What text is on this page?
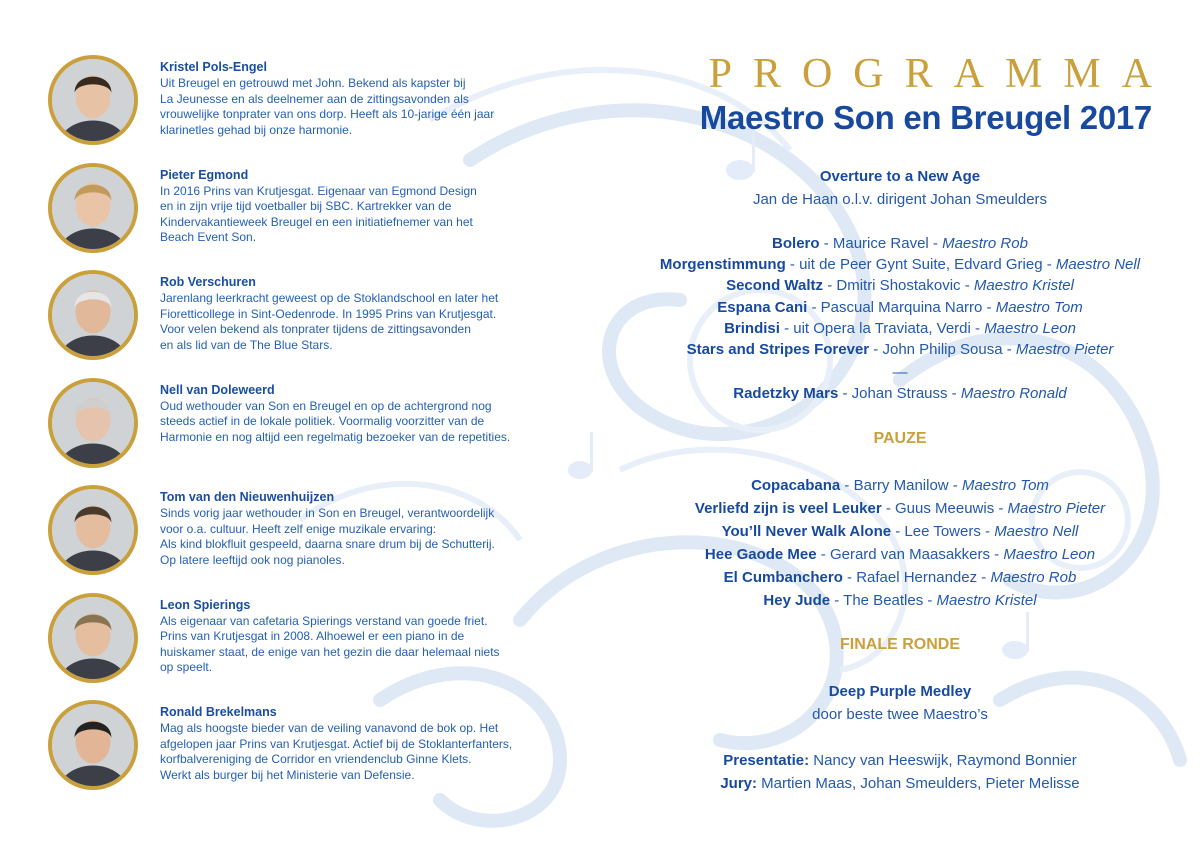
Kristel Pols-Engel
Uit Breugel en getrouwd met John. Bekend als kapster bij
La Jeunesse en als deelnemer aan de zittingsavonden als
vrouwelijke tonprater van ons dorp. Heeft als 10-jarige één jaar
klarinetles gehad bij onze harmonie.
Pieter Egmond
In 2016 Prins van Krutjesgat. Eigenaar van Egmond Design
en in zijn vrije tijd voetballer bij SBC. Kartrekker van de
Kindervakantieweek Breugel en een initiatiefnemer van het
Beach Event Son.
Rob Verschuren
Jarenlang leerkracht geweest op de Stoklandschool en later het
Fioretticollege in Sint-Oedenrode. In 1995 Prins van Krutjesgat.
Voor velen bekend als tonprater tijdens de zittingsavonden
en als lid van de The Blue Stars.
Nell van Doleweerd
Oud wethouder van Son en Breugel en op de achtergrond nog
steeds actief in de lokale politiek. Voormalig voorzitter van de
Harmonie en nog altijd een regelmatig bezoeker van de repetities.
Tom van den Nieuwenhuijzen
Sinds vorig jaar wethouder in Son en Breugel, verantwoordelijk
voor o.a. cultuur. Heeft zelf enige muzikale ervaring:
Als kind blokfluit gespeeld, daarna snare drum bij de Schutterij.
Op latere leeftijd ook nog pianoles.
Leon Spierings
Als eigenaar van cafetaria Spierings verstand van goede friet.
Prins van Krutjesgat in 2008. Alhoewel er een piano in de
huiskamer staat, de enige van het gezin die daar helemaal niets
op speelt.
Ronald Brekelmans
Mag als hoogste bieder van de veiling vanavond de bok op. Het
afgelopen jaar Prins van Krutjesgat. Actief bij de Stoklanterfanters,
korfbalvereniging de Corridor en vriendenclub Ginne Klets.
Werkt als burger bij het Ministerie van Defensie.
PROGRAMMA
Maestro Son en Breugel 2017
Overture to a New Age
Jan de Haan o.l.v. dirigent Johan Smeulders
Bolero - Maurice Ravel - Maestro Rob
Morgenstimmung - uit de Peer Gynt Suite, Edvard Grieg - Maestro Nell
Second Waltz - Dmitri Shostakovic - Maestro Kristel
Espana Cani - Pascual Marquina Narro - Maestro Tom
Brindisi - uit Opera la Traviata, Verdi - Maestro Leon
Stars and Stripes Forever - John Philip Sousa - Maestro Pieter
—
Radetzky Mars - Johan Strauss - Maestro Ronald
PAUZE
Copacabana - Barry Manilow - Maestro Tom
Verliefd zijn is veel Leuker - Guus Meeuwis - Maestro Pieter
You’ll Never Walk Alone - Lee Towers - Maestro Nell
Hee Gaode Mee - Gerard van Maasakkers - Maestro Leon
El Cumbanchero - Rafael Hernandez - Maestro Rob
Hey Jude - The Beatles - Maestro Kristel
FINALE RONDE
Deep Purple Medley
door beste twee Maestro’s
Presentatie: Nancy van Heeswijk, Raymond Bonnier
Jury: Martien Maas, Johan Smeulders, Pieter Melisse
